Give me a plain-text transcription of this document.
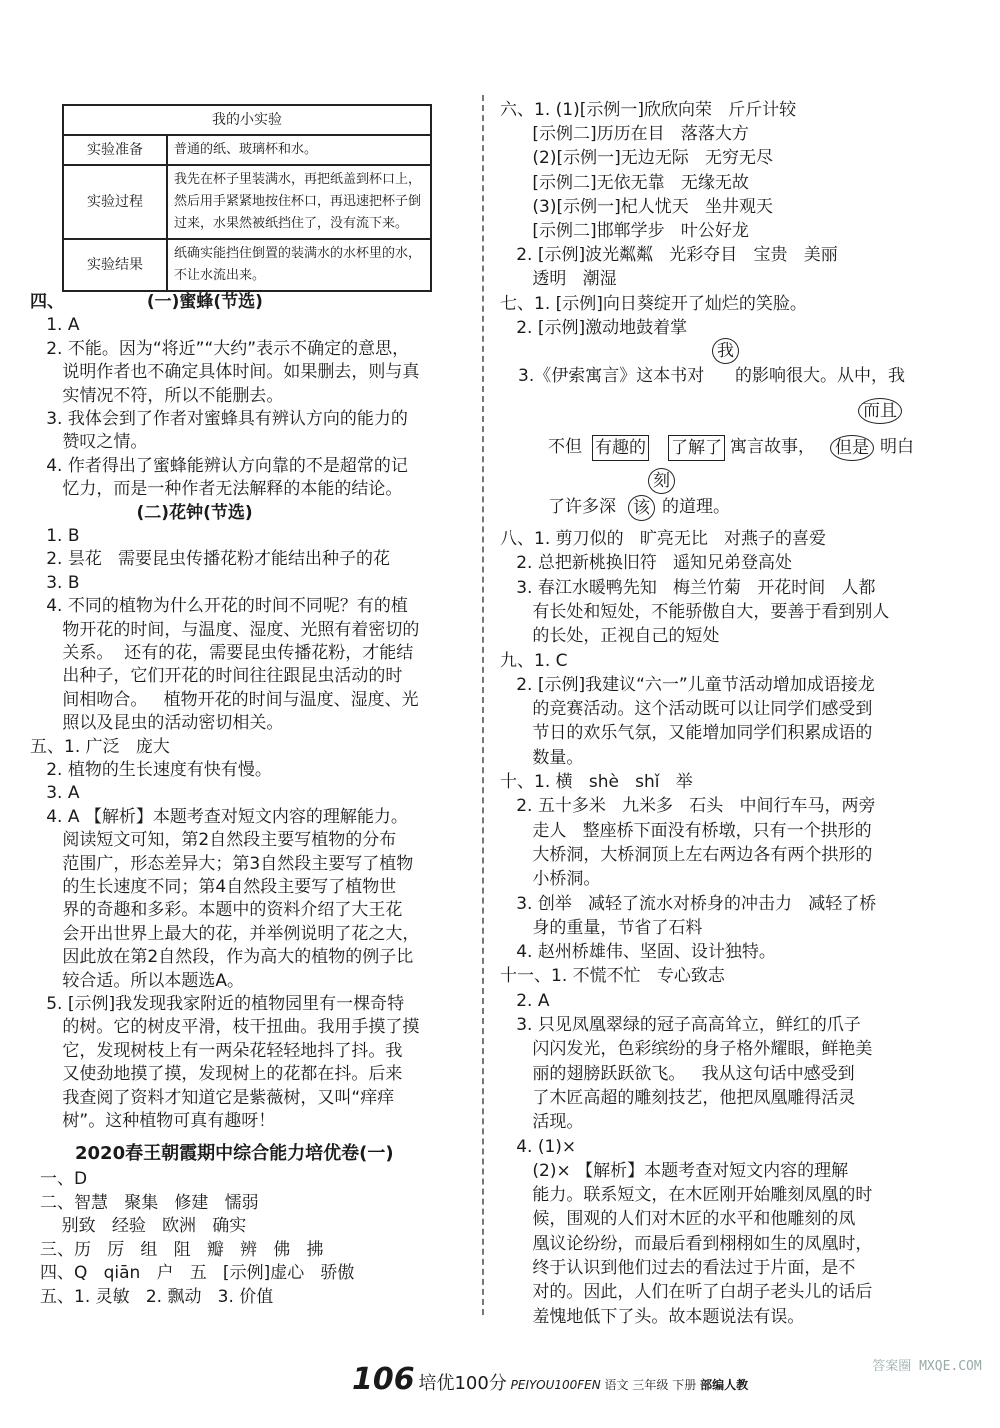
我的小实验	
实验准备	普通的纸、玻璃杯和水。
实验过程	我先在杯子里装满水，再把纸盖到杯口上，然后用手紧紧地按住杯口，再迅速把杯子倒过来，水果然被纸挡住了，没有流下来。
实验结果	纸确实能挡住倒置的装满水的水杯里的水，不让水流出来。
四、              (一)蜜蜂(节选)
1. A
2. 不能。因为“将近”“大约”表示不确定的意思，
说明作者也不确定具体时间。如果删去，则与真
实情况不符，所以不能删去。
3. 我体会到了作者对蜜蜂具有辨认方向的能力的
赞叹之情。
4. 作者得出了蜜蜂能辨认方向靠的不是超常的记
忆力，而是一种作者无法解释的本能的结论。
(二)花钟(节选)
1. B
2. 昙花   需要昆虫传播花粉才能结出种子的花
3. B
4. 不同的植物为什么开花的时间不同呢？有的植
物开花的时间，与温度、湿度、光照有着密切的
关系。  还有的花，需要昆虫传播花粉，才能结
出种子，它们开花的时间往往跟昆虫活动的时
间相吻合。   植物开花的时间与温度、湿度、光
照以及昆虫的活动密切相关。
五、1. 广泛   庞大
2. 植物的生长速度有快有慢。
3. A
4. A 【解析】本题考查对短文内容的理解能力。
阅读短文可知，第2自然段主要写植物的分布
范围广，形态差异大；第3自然段主要写了植物
的生长速度不同；第4自然段主要写了植物世
界的奇趣和多彩。本题中的资料介绍了大王花
会开出世界上最大的花，并举例说明了花之大，
因此放在第2自然段，作为高大的植物的例子比
较合适。所以本题选A。
5. [示例]我发现我家附近的植物园里有一棵奇特
的树。它的树皮平滑，枝干扭曲。我用手摸了摸
它，发现树枝上有一两朵花轻轻地抖了抖。我
又使劲地摸了摸，发现树上的花都在抖。后来
我查阅了资料才知道它是紫薇树，又叫“痒痒
树”。这种植物可真有趣呀！
2020春王朝霞期中综合能力培优卷(一)
一、D
二、智慧   聚集   修建   懦弱
别致   经验   欧洲   确实
三、历   厉   组   阻   瓣   辨   佛   拂
四、Q   qiān   户   五   [示例]虚心   骄傲
五、1. 灵敏   2. 飘动   3. 价值
六、1. (1)[示例一]欣欣向荣   斤斤计较
[示例二]历历在目   落落大方
(2)[示例一]无边无际   无穷无尽
[示例二]无依无靠   无缘无故
(3)[示例一]杞人忧天   坐井观天
[示例二]邯郸学步   叶公好龙
2. [示例]波光粼粼   光彩夺目   宝贵   美丽
透明   潮湿
七、1. [示例]向日葵绽开了灿烂的笑脸。
2. [示例]激动地鼓着掌
我
3.《伊索寓言》这本书对 的影响很大。从中，我
而且
不但 有趣的 了解了 寓言故事， 但是 明白
刻
了许多深 该 的道理。
八、1. 剪刀似的   旷亮无比   对燕子的喜爱
2. 总把新桃换旧符   遥知兄弟登高处
3. 春江水暖鸭先知   梅兰竹菊   开花时间   人都
有长处和短处，不能骄傲自大，要善于看到别人
的长处，正视自己的短处
九、1. C
2. [示例]我建议“六一”儿童节活动增加成语接龙
的竞赛活动。这个活动既可以让同学们感受到
节日的欢乐气氛，又能增加同学们积累成语的
数量。
十、1. 横   shè   shǐ   举
2. 五十多米   九米多   石头   中间行车马，两旁
走人   整座桥下面没有桥墩，只有一个拱形的
大桥洞，大桥洞顶上左右两边各有两个拱形的
小桥洞。
3. 创举   减轻了流水对桥身的冲击力   减轻了桥
身的重量，节省了石料
4. 赵州桥雄伟、坚固、设计独特。
十一、1. 不慌不忙   专心致志
2. A
3. 只见凤凰翠绿的冠子高高耸立，鲜红的爪子
闪闪发光，色彩缤纷的身子格外耀眼，鲜艳美
丽的翅膀跃跃欲飞。   我从这句话中感受到
了木匠高超的雕刻技艺，他把凤凰雕得活灵
活现。
4. (1)×
(2)× 【解析】本题考查对短文内容的理解
能力。联系短文，在木匠刚开始雕刻凤凰的时
候，围观的人们对木匠的水平和他雕刻的凤
凰议论纷纷，而最后看到栩栩如生的凤凰时，
终于认识到他们过去的看法过于片面，是不
对的。因此，人们在听了白胡子老头儿的话后
羞愧地低下了头。故本题说法有误。
106 培优100分 PEIYOU100FEN 语文 三年级 下册 部编人教
答案圈 MXQE.COM
